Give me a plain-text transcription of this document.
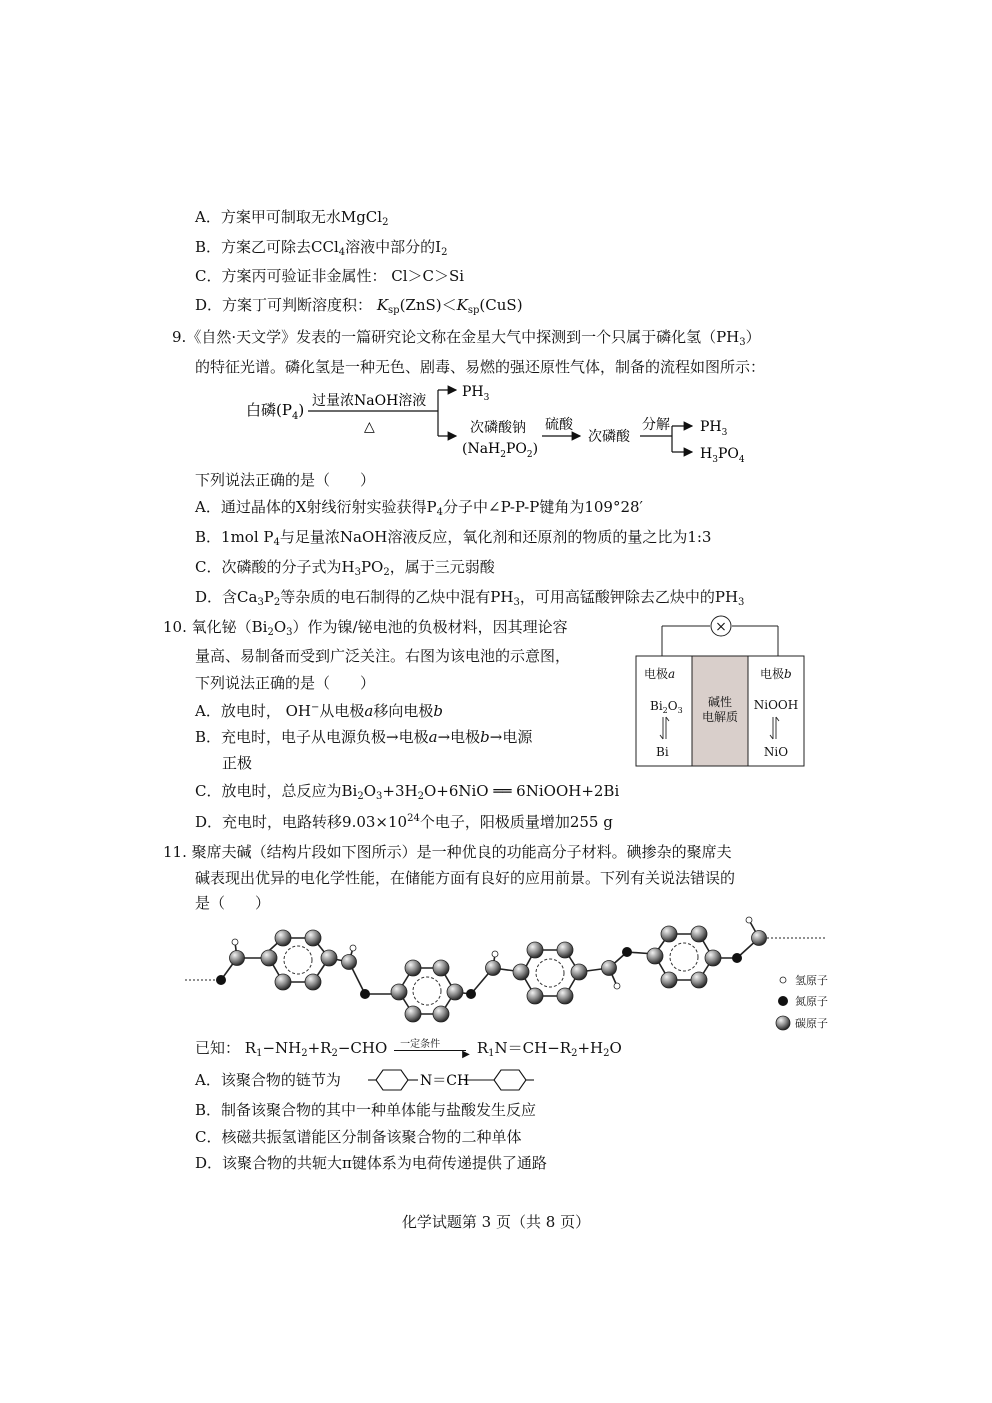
A．方案甲可制取无水MgCl$_2$
B．方案乙可除去CCl$_4$溶液中部分的$I_2$
C．方案丙可验证非金属性： Cl＞C＞Si
D．方案丁可判断溶度积： $K_{sp}(ZnS)<K_{sp}(CuS)$
9.《自然·天文学》发表的一篇研究论文称在金星大气中探测到一个只属于磷化氢$(PH_3)$
的特征光谱。磷化氢是一种无色、剧毒、易燃的强还原性气体，制备的流程如图所示：
白磷$(P_4)$ 过量浓NaOH溶液
△
$PH_3$
次磷酸钠
$(NaH_2PO_2)$
硫酸
次磷酸
分解 $PH_3$
$H_3PO_4$
下列说法正确的是（　　）
A．通过晶体的X射线衍射实验获得$P_4$分子中∠P-P-P键角为109°28′
B．1mol $P_4$与足量浓NaOH溶液反应，氧化剂和还原剂的物质的量之比为1:3
C．次磷酸的分子式为$H_3PO_2$，属于三元弱酸
D．含$Ca_3P_2$等杂质的电石制得的乙炔中混有$PH_3$，可用高锰酸钾除去乙炔中的$PH_3$
10. 氧化铋$(Bi_2O_3)$作为镍/铋电池的负极材料，因其理论容
量高、易制备而受到广泛关注。右图为该电池的示意图，
下列说法正确的是（　　）
A．放电时， OH−从电极a移向电极b
B．充电时，电子从电源负极→电极a→电极b→电源
正极
C．放电时，总反应为$Bi_2O_3+3H_2O+6NiO$ ══ 6NiOOH+2Bi
D．充电时，电路转移$9.03\times 10^{24}$个电子，阳极质量增加255 g
×
电极a	电极b
$Bi_2O_3$
Bi
碱性
电解质
NiOOH
NiO
11. 聚席夫碱（结构片段如下图所示）是一种优良的功能高分子材料。碘掺杂的聚席夫
碱表现出优异的电化学性能，在储能方面有良好的应用前景。下列有关说法错误的
是（　　）
氢原子
氮原子
碳原子
已知： $R_1-NH_2+R_2-CHO$ 一定条件
▶ $R_1N=CH-R_2+H_2O$
A．该聚合物的链节为	N＝CH
B．制备该聚合物的其中一种单体能与盐酸发生反应
C．核磁共振氢谱能区分制备该聚合物的二种单体
D．该聚合物的共轭大π键体系为电荷传递提供了通路
化学试题第 3 页（共 8 页）
